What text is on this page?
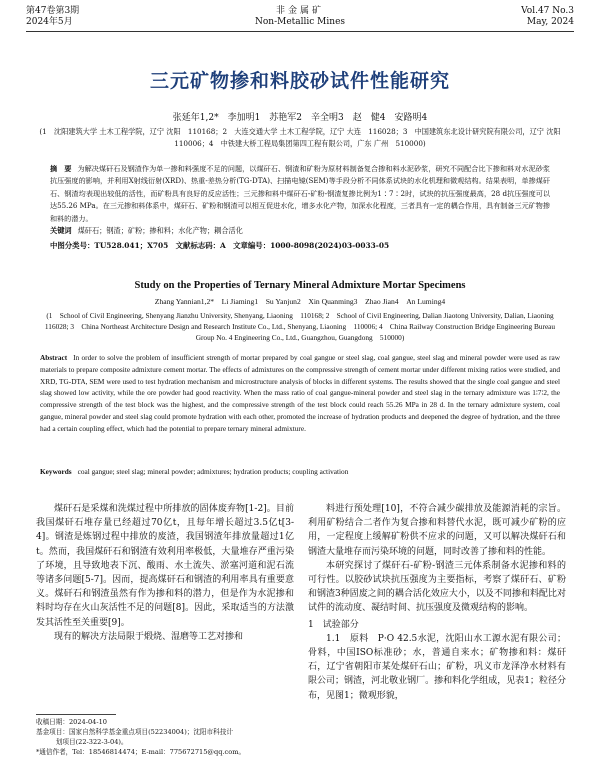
第47卷第3期
2024年5月
非金属矿
Non-Metallic Mines
Vol.47 No.3
May, 2024
三元矿物掺和料胶砂试件性能研究
张延年1,2*　李加明1　苏艳军2　辛全明3　赵　健4　安路明4
(1　沈阳建筑大学 土木工程学院，辽宁 沈阳　110168；2　大连交通大学 土木工程学院，辽宁 大连　116028；3　中国建筑东北设计研究院有限公司，辽宁 沈阳　110006；4　中铁建大桥工程局集团第四工程有限公司，广东 广州　510000)
摘　要 为解决煤矸石及钢渣作为单一掺和料强度不足的问题，以煤矸石、钢渣和矿粉为原材料制备复合掺和料水泥砂浆，研究不同配合比下掺和料对水泥砂浆抗压强度的影响，并利用X射线衍射(XRD)、热重-差热分析(TG-DTA)、扫描电镜(SEM)等手段分析不同体系试块的水化机理和微观结构。结果表明，单掺煤矸石、钢渣均表现出较低的活性，而矿粉具有良好的反应活性；三元掺和料中煤矸石-矿粉-钢渣复掺比例为1∶7∶2时，试块的抗压强度最高，28 d抗压强度可以达55.26 MPa。在三元掺和料体系中，煤矸石、矿粉和钢渣可以相互促进水化，增多水化产物，加深水化程度，三者具有一定的耦合作用，具有制备三元矿物掺和料的潜力。
关键词 煤矸石；钢渣；矿粉；掺和料；水化产物；耦合活化
中图分类号：TU528.041；X705　文献标志码：A　文章编号：1000-8098(2024)03-0033-05
Study on the Properties of Ternary Mineral Admixture Mortar Specimens
Zhang Yannian1,2*　Li Jiaming1　Su Yanjun2　Xin Quanming3　Zhao Jian4　An Luming4
(1　School of Civil Engineering, Shenyang Jianzhu University, Shenyang, Liaoning　110168; 2　School of Civil Engineering, Dalian Jiaotong University, Dalian, Liaoning　116028; 3　China Northeast Architecture Design and Research Institute Co., Ltd., Shenyang, Liaoning　110006; 4　China Railway Construction Bridge Engineering Bureau Group No. 4 Engineering Co., Ltd., Guangzhou, Guangdong　510000)
Abstract In order to solve the problem of insufficient strength of mortar prepared by coal gangue or steel slag, coal gangue, steel slag and mineral powder were used as raw materials to prepare composite admixture cement mortar. The effects of admixtures on the compressive strength of cement mortar under different mixing ratios were studied, and XRD, TG-DTA, SEM were used to test hydration mechanism and microstructure analysis of blocks in different systems. The results showed that the single coal gangue and steel slag showed low activity, while the ore powder had good reactivity. When the mass ratio of coal gangue-mineral powder and steel slag in the ternary admixture was 1∶7∶2, the compressive strength of the test block was the highest, and the compressive strength of the test block could reach 55.26 MPa in 28 d. In the ternary admixture system, coal gangue, mineral powder and steel slag could promote hydration with each other, promoted the increase of hydration products and deepened the degree of hydration, and the three had a certain coupling effect, which had the potential to prepare ternary mineral admixture.
Keywords coal gangue; steel slag; mineral powder; admixtures; hydration products; coupling activation

煤矸石是采煤和洗煤过程中所排放的固体废弃物[1-2]。目前我国煤矸石堆存量已经超过70亿t，且每年增长超过3.5亿t[3-4]。钢渣是炼钢过程中排放的废渣，我国钢渣年排放量超过1亿t。然而，我国煤矸石和钢渣有效利用率极低，大量堆存严重污染了环境，且导致地表下沉、酸雨、水土流失、淤塞河道和泥石流等诸多问题[5-7]。因而，提高煤矸石和钢渣的利用率具有重要意义。煤矸石和钢渣虽然有作为掺和料的潜力，但是作为水泥掺和料时均存在火山灰活性不足的问题[8]。因此，采取适当的方法激发其活性至关重要[9]。

现有的解决方法局限于煅烧、湿磨等工艺对掺和

料进行预处理[10]，不符合减少碳排放及能源消耗的宗旨。利用矿粉结合二者作为复合掺和料替代水泥，既可减少矿粉的应用，一定程度上缓解矿粉供不应求的问题，又可以解决煤矸石和钢渣大量堆存而污染环境的问题，同时改善了掺和料的性能。

本研究探讨了煤矸石-矿粉-钢渣三元体系制备水泥掺和料的可行性。以胶砂试块抗压强度为主要指标，考察了煤矸石、矿粉和钢渣3种固废之间的耦合活化效应大小，以及不同掺和料配比对试件的流动度、凝结时间、抗压强度及微观结构的影响。

1　试验部分

1.1　原料　 P·O 42.5水泥，沈阳山水工源水泥有限公司；骨料，中国ISO标准砂；水，普通自来水；矿物掺和料：煤矸石，辽宁省朝阳市某处煤矸石山；矿粉，巩义市龙泽净水材料有限公司；钢渣，河北敬业钢厂。掺和料化学组成，见表1；粒径分布，见图1；微观形貌，

收稿日期：2024-04-10
基金项目：国家自然科学基金重点项目(52234004)；沈阳市科技计
划项目(22-322-3-04)。
*通信作者，Tel：18546814474；E-mail：775672715@qq.com。
